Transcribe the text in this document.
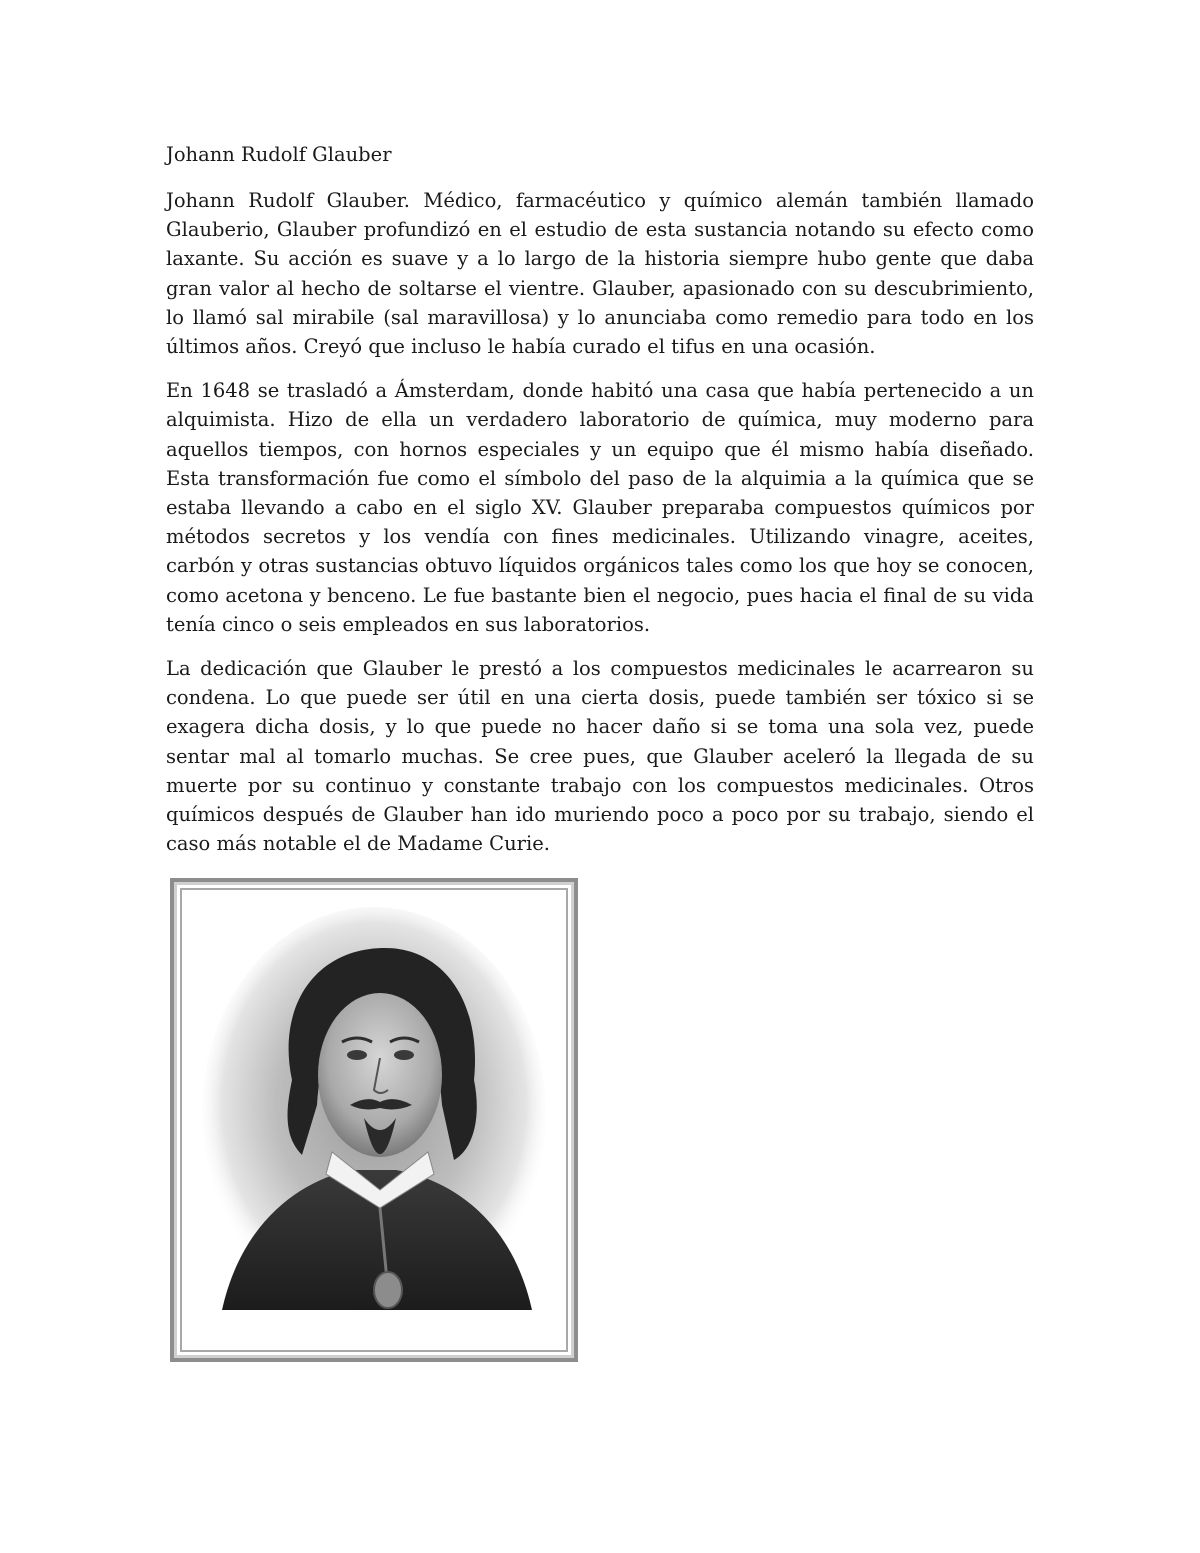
Johann Rudolf Glauber

Johann Rudolf Glauber. Médico, farmacéutico y químico alemán también llamado Glauberio, Glauber profundizó en el estudio de esta sustancia notando su efecto como laxante. Su acción es suave y a lo largo de la historia siempre hubo gente que daba gran valor al hecho de soltarse el vientre. Glauber, apasionado con su descubrimiento, lo llamó sal mirabile (sal maravillosa) y lo anunciaba como remedio para todo en los últimos años. Creyó que incluso le había curado el tifus en una ocasión.

En 1648 se trasladó a Ámsterdam, donde habitó una casa que había pertenecido a un alquimista. Hizo de ella un verdadero laboratorio de química, muy moderno para aquellos tiempos, con hornos especiales y un equipo que él mismo había diseñado. Esta transformación fue como el símbolo del paso de la alquimia a la química que se estaba llevando a cabo en el siglo XV. Glauber preparaba compuestos químicos por métodos secretos y los vendía con fines medicinales. Utilizando vinagre, aceites, carbón y otras sustancias obtuvo líquidos orgánicos tales como los que hoy se conocen, como acetona y benceno. Le fue bastante bien el negocio, pues hacia el final de su vida tenía cinco o seis empleados en sus laboratorios.

La dedicación que Glauber le prestó a los compuestos medicinales le acarrearon su condena. Lo que puede ser útil en una cierta dosis, puede también ser tóxico si se exagera dicha dosis, y lo que puede no hacer daño si se toma una sola vez, puede sentar mal al tomarlo muchas. Se cree pues, que Glauber aceleró la llegada de su muerte por su continuo y constante trabajo con los compuestos medicinales. Otros químicos después de Glauber han ido muriendo poco a poco por su trabajo, siendo el caso más notable el de Madame Curie.
